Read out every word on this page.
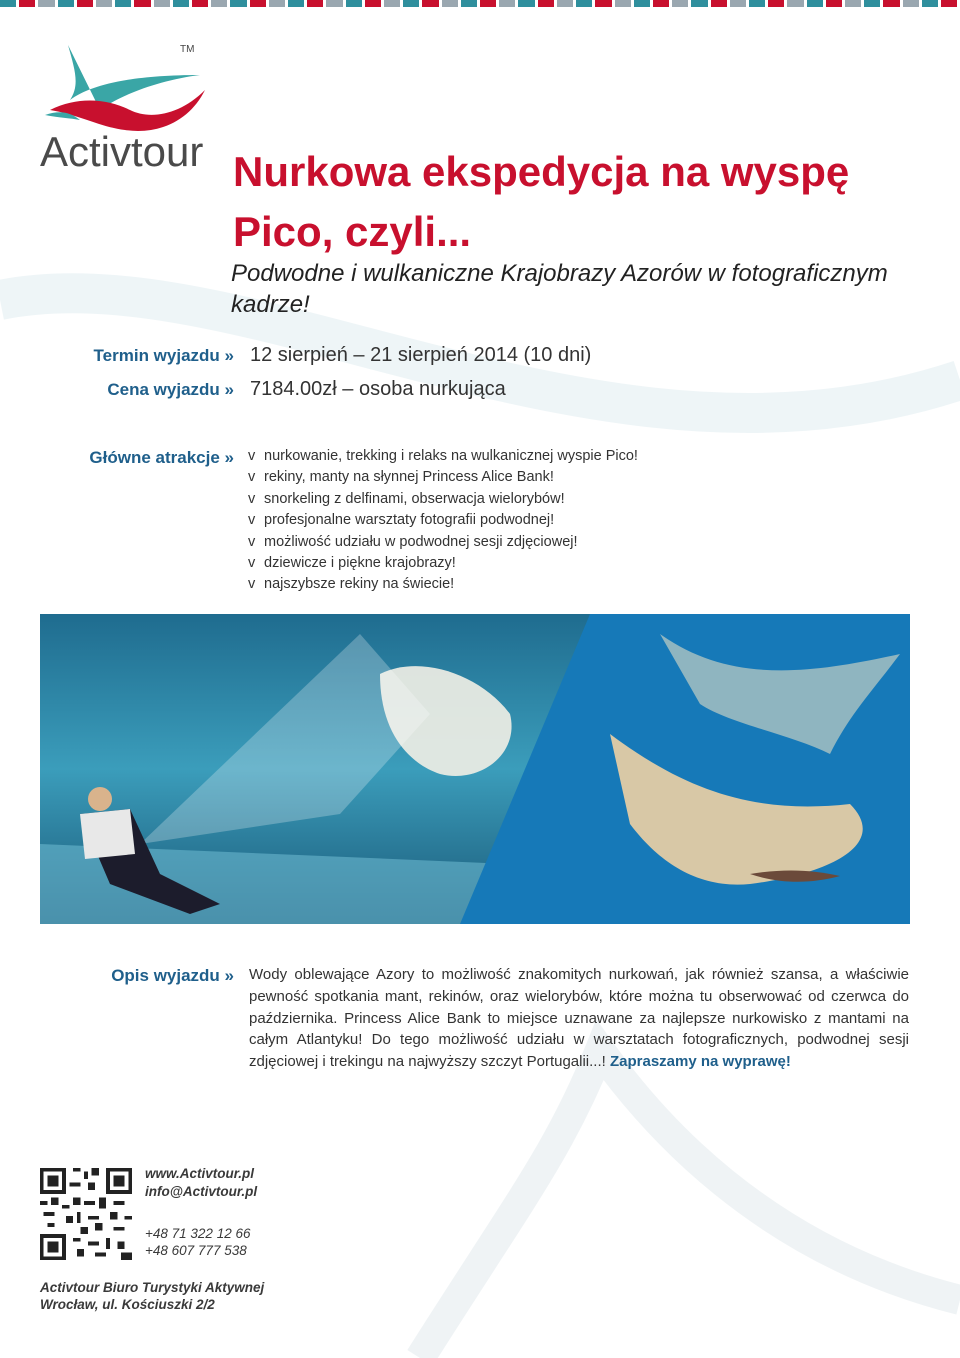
TM
Activtour Nurkowa ekspedycja na wyspę
Pico, czyli...
Podwodne i wulkaniczne Krajobrazy Azorów w fotograficznym
kadrze!
Termin wyjazdu » 12 sierpień – 21 sierpień 2014 (10 dni)
Cena wyjazdu » 7184.00zł – osoba nurkująca
Główne atrakcje » v nurkowanie, trekking i relaks na wulkanicznej wyspie Pico!
v rekiny, manty na słynnej Princess Alice Bank!
v snorkeling z delfinami, obserwacja wielorybów!
v profesjonalne warsztaty fotografii podwodnej!
v możliwość udziału w podwodnej sesji zdjęciowej!
v dziewicze i piękne krajobrazy!
v najszybsze rekiny na świecie!
Opis wyjazdu » Wody oblewające Azory to możliwość znakomitych nurkowań, jak również szansa, a właściwie pewność spotkania mant, rekinów, oraz wielorybów, które można tu obserwować od czerwca do października. Princess Alice Bank to miejsce uznawane za najlepsze nurkowisko z mantami na całym Atlantyku! Do tego możliwość udziału w warsztatach fotograficznych, podwodnej sesji zdjęciowej i trekingu na najwyższy szczyt Portugalii...! Zapraszamy na wyprawę!
www.Activtour.pl
info@Activtour.pl
+48 71 322 12 66
+48 607 777 538
Activtour Biuro Turystyki Aktywnej
Wrocław, ul. Kościuszki 2/2
